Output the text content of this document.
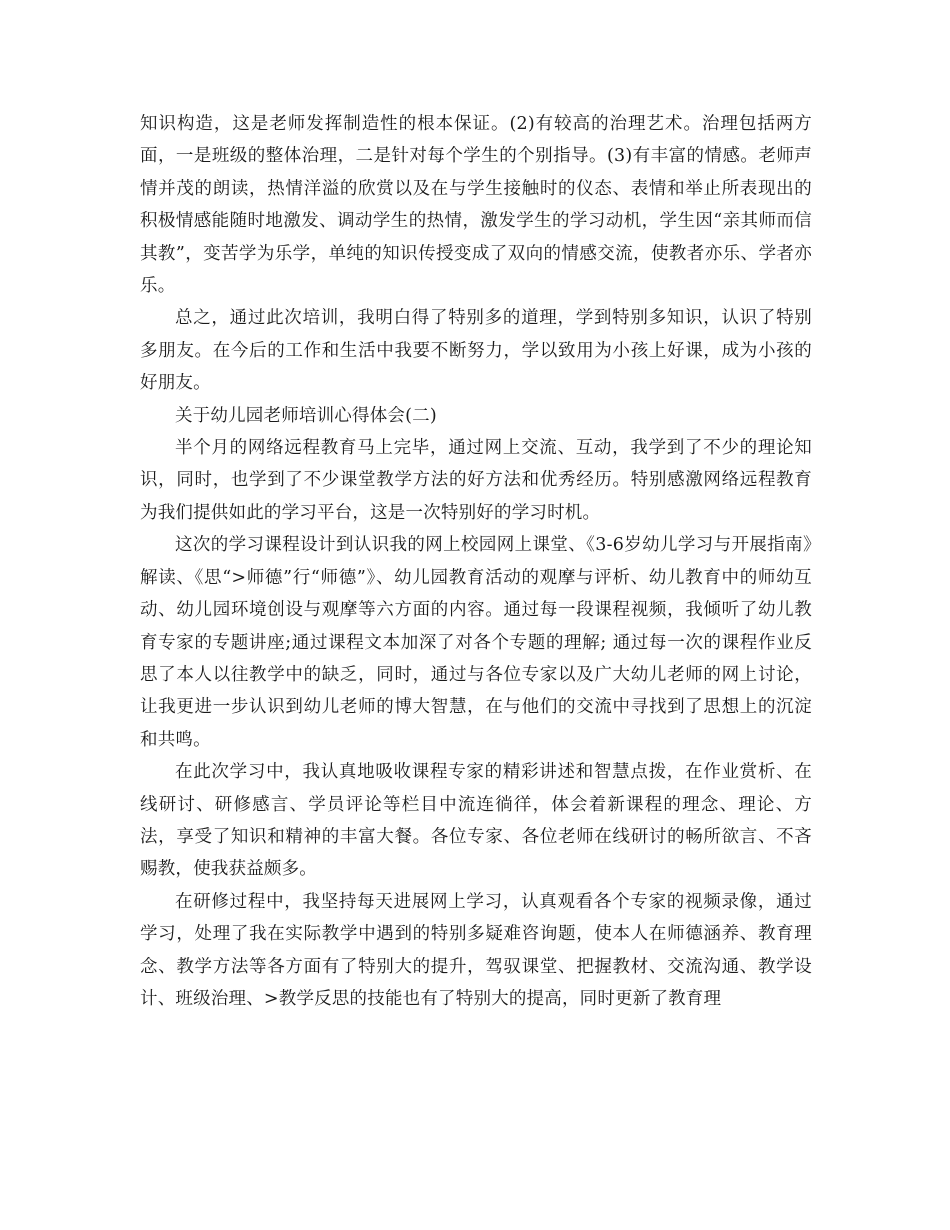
知识构造，这是老师发挥制造性的根本保证。(2)有较高的治理艺术。治理包括两方面，一是班级的整体治理，二是针对每个学生的个别指导。(3)有丰富的情感。老师声情并茂的朗读，热情洋溢的欣赏以及在与学生接触时的仪态、表情和举止所表现出的积极情感能随时地激发、调动学生的热情，激发学生的学习动机，学生因“亲其师而信其教”，变苦学为乐学，单纯的知识传授变成了双向的情感交流，使教者亦乐、学者亦乐。

总之，通过此次培训，我明白得了特别多的道理，学到特别多知识，认识了特别多朋友。在今后的工作和生活中我要不断努力，学以致用为小孩上好课，成为小孩的好朋友。

关于幼儿园老师培训心得体会(二)

半个月的网络远程教育马上完毕，通过网上交流、互动，我学到了不少的理论知识，同时，也学到了不少课堂教学方法的好方法和优秀经历。特别感激网络远程教育为我们提供如此的学习平台，这是一次特别好的学习时机。

这次的学习课程设计到认识我的网上校园网上课堂、《3-6岁幼儿学习与开展指南》解读、《思“>师德”行“师德”》、幼儿园教育活动的观摩与评析、幼儿教育中的师幼互动、幼儿园环境创设与观摩等六方面的内容。通过每一段课程视频，我倾听了幼儿教育专家的专题讲座;通过课程文本加深了对各个专题的理解; 通过每一次的课程作业反思了本人以往教学中的缺乏，同时，通过与各位专家以及广大幼儿老师的网上讨论，让我更进一步认识到幼儿老师的博大智慧，在与他们的交流中寻找到了思想上的沉淀和共鸣。

在此次学习中，我认真地吸收课程专家的精彩讲述和智慧点拨，在作业赏析、在线研讨、研修感言、学员评论等栏目中流连徜徉，体会着新课程的理念、理论、方法，享受了知识和精神的丰富大餐。各位专家、各位老师在线研讨的畅所欲言、不吝赐教，使我获益颇多。

在研修过程中，我坚持每天进展网上学习，认真观看各个专家的视频录像，通过学习，处理了我在实际教学中遇到的特别多疑难咨询题，使本人在师德涵养、教育理念、教学方法等各方面有了特别大的提升，驾驭课堂、把握教材、交流沟通、教学设计、班级治理、>教学反思的技能也有了特别大的提高，同时更新了教育理
